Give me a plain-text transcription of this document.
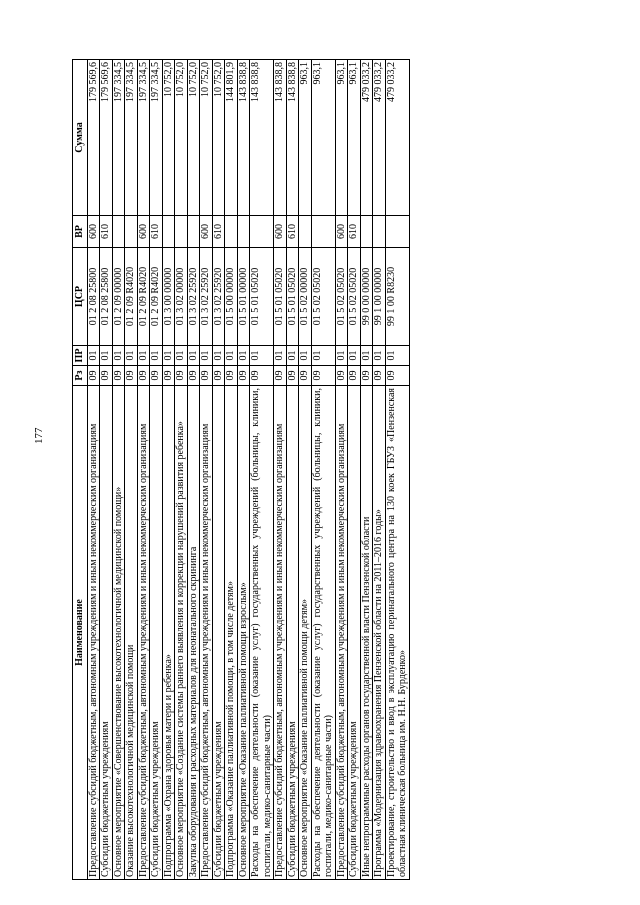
177
Наименование	Рз	ПР	ЦСР	ВР	Сумма
Предоставление субсидий бюджетным, автономным учреждениям и иным некоммерческим организациям	09	01	01 2 08 25800	600	179 569,6
Субсидии бюджетным учреждениям	09	01	01 2 08 25800	610	179 569,6
Основное мероприятие «Совершенствование высокотехнологичной медицинской помощи»	09	01	01 2 09 00000		197 334,5
Оказание высокотехнологичной медицинской помощи	09	01	01 2 09 R4020		197 334,5
Предоставление субсидий бюджетным, автономным учреждениям и иным некоммерческим организациям	09	01	01 2 09 R4020	600	197 334,5
Субсидии бюджетным учреждениям	09	01	01 2 09 R4020	610	197 334,5
Подпрограмма «Охрана здоровья матери и ребенка»	09	01	01 3 00 00000		10 752,0
Основное мероприятие «Создание системы раннего выявления и коррекции нарушений развития ребенка»	09	01	01 3 02 00000		10 752,0
Закупка оборудования и расходных материалов для неонатального скрининга	09	01	01 3 02 25920		10 752,0
Предоставление субсидий бюджетным, автономным учреждениям и иным некоммерческим организациям	09	01	01 3 02 25920	600	10 752,0
Субсидии бюджетным учреждениям	09	01	01 3 02 25920	610	10 752,0
Подпрограмма «Оказание паллиативной помощи, в том числе детям»	09	01	01 5 00 00000		144 801,9
Основное мероприятие «Оказание паллиативной помощи взрослым»	09	01	01 5 01 00000		143 838,8
Расходы на обеспечение деятельности (оказание услуг) государственных учреждений (больницы, клиники, госпитали, медико-санитарные части)	09	01	01 5 01 05020		143 838,8
Предоставление субсидий бюджетным, автономным учреждениям и иным некоммерческим организациям	09	01	01 5 01 05020	600	143 838,8
Субсидии бюджетным учреждениям	09	01	01 5 01 05020	610	143 838,8
Основное мероприятие «Оказание паллиативной помощи детям»	09	01	01 5 02 00000		963,1
Расходы на обеспечение деятельности (оказание услуг) государственных учреждений (больницы, клиники, госпитали, медико-санитарные части)	09	01	01 5 02 05020		963,1
Предоставление субсидий бюджетным, автономным учреждениям и иным некоммерческим организациям	09	01	01 5 02 05020	600	963,1
Субсидии бюджетным учреждениям	09	01	01 5 02 05020	610	963,1
Иные непрограммные расходы органов государственной власти Пензенской области	09	01	99 0 00 00000		479 033,2
Программа «Модернизация здравоохранения Пензенской области на 2011–2016 годы»	09	01	99 1 00 00000		479 033,2
Проектирование, строительство и ввод в эксплуатацию перинатального центра на 130 коек ГБУЗ «Пензенская областная клиническая больница им. Н.Н. Бурденко»	09	01	99 1 00 R8230		479 033,2
